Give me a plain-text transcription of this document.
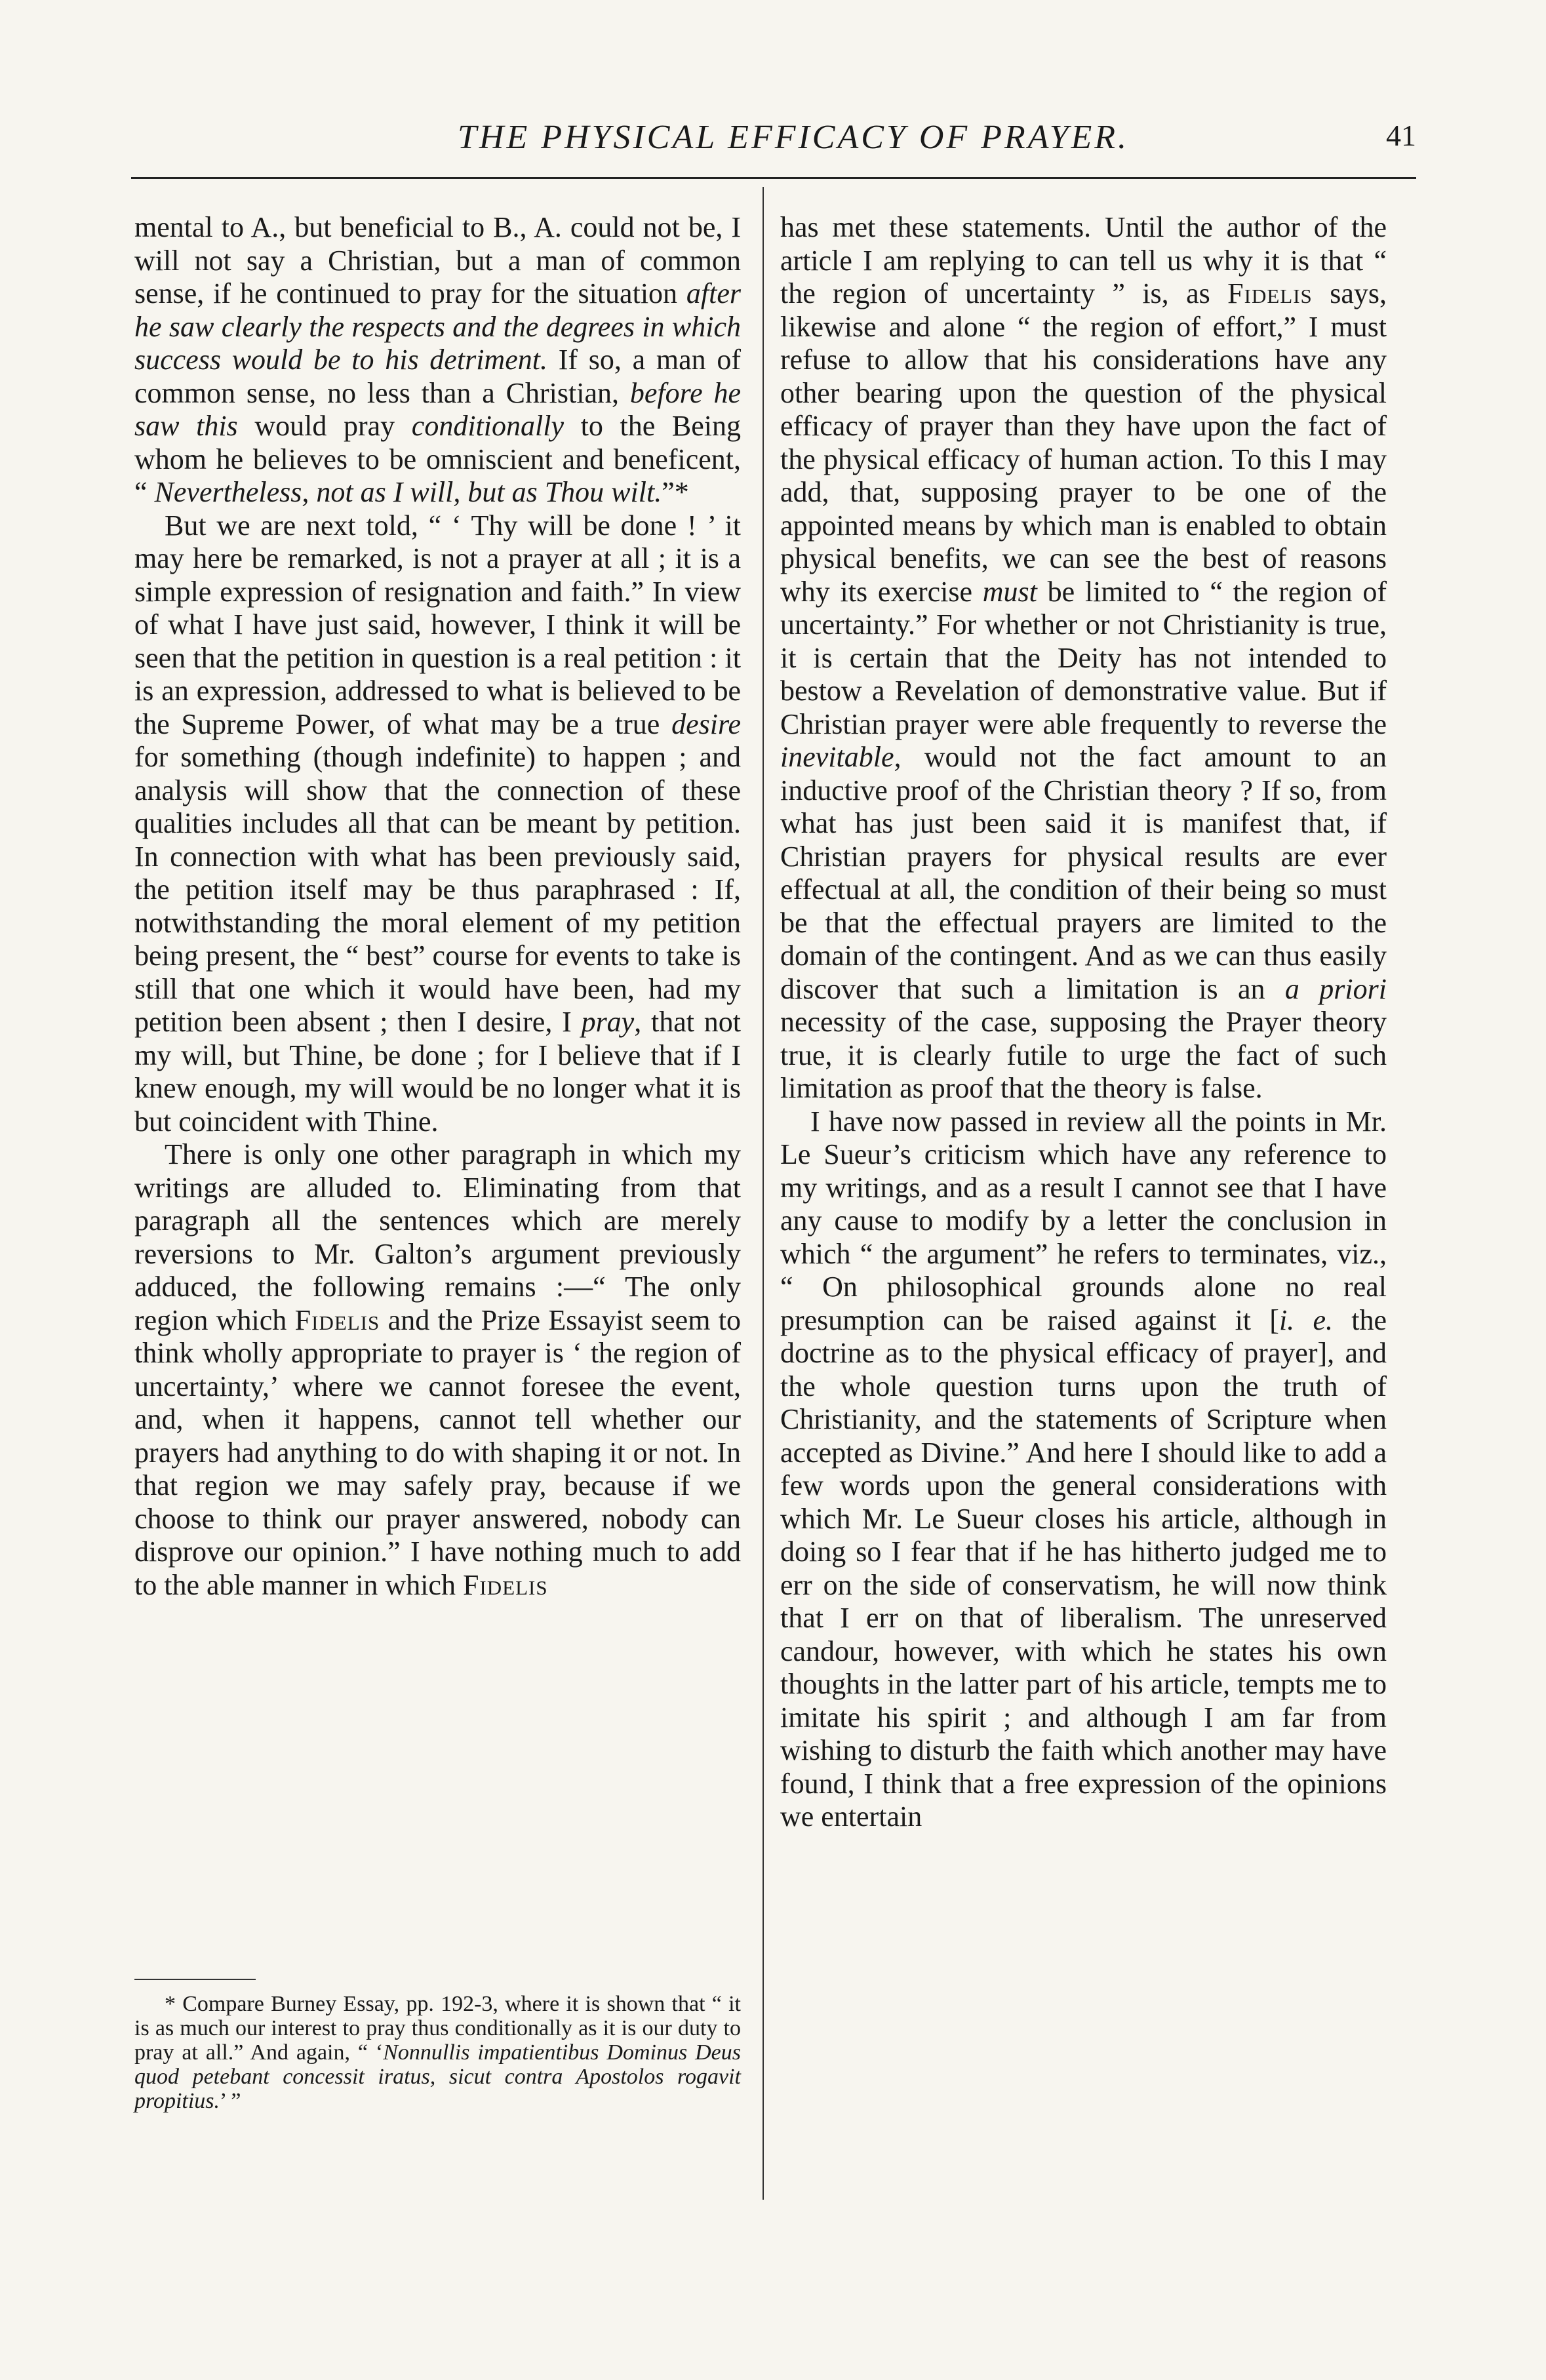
THE PHYSICAL EFFICACY OF PRAYER.	41

mental to A., but beneficial to B., A. could not be, I will not say a Christian, but a man of common sense, if he continued to pray for the situation after he saw clearly the respects and the degrees in which success would be to his detriment. If so, a man of common sense, no less than a Christian, before he saw this would pray conditionally to the Being whom he believes to be omniscient and beneficent, “ Nevertheless, not as I will, but as Thou wilt.”*

But we are next told, “ ‘ Thy will be done ! ’ it may here be remarked, is not a prayer at all ; it is a simple expression of resignation and faith.” In view of what I have just said, however, I think it will be seen that the petition in question is a real petition : it is an expression, addressed to what is believed to be the Supreme Power, of what may be a true desire for something (though indefinite) to happen ; and analysis will show that the connection of these qualities includes all that can be meant by petition. In connection with what has been previously said, the petition itself may be thus paraphrased : If, notwithstanding the moral element of my petition being present, the “ best” course for events to take is still that one which it would have been, had my petition been absent ; then I desire, I pray, that not my will, but Thine, be done ; for I believe that if I knew enough, my will would be no longer what it is but coincident with Thine.

There is only one other paragraph in which my writings are alluded to. Eliminating from that paragraph all the sentences which are merely reversions to Mr. Galton’s argument previously adduced, the following remains :—“ The only region which Fidelis and the Prize Essayist seem to think wholly appropriate to prayer is ‘ the region of uncertainty,’ where we cannot foresee the event, and, when it happens, cannot tell whether our prayers had anything to do with shaping it or not. In that region we may safely pray, because if we choose to think our prayer answered, nobody can disprove our opinion.” I have nothing much to add to the able manner in which Fidelis

* Compare Burney Essay, pp. 192-3, where it is shown that “ it is as much our interest to pray thus conditionally as it is our duty to pray at all.” And again, “ ‘Nonnullis impatientibus Dominus Deus quod petebant concessit iratus, sicut contra Apostolos rogavit propitius.’ ”

has met these statements. Until the author of the article I am replying to can tell us why it is that “ the region of uncertainty ” is, as Fidelis says, likewise and alone “ the region of effort,” I must refuse to allow that his considerations have any other bearing upon the question of the physical efficacy of prayer than they have upon the fact of the physical efficacy of human action. To this I may add, that, supposing prayer to be one of the appointed means by which man is enabled to obtain physical benefits, we can see the best of reasons why its exercise must be limited to “ the region of uncertainty.” For whether or not Christianity is true, it is certain that the Deity has not intended to bestow a Revelation of demonstrative value. But if Christian prayer were able frequently to reverse the inevitable, would not the fact amount to an inductive proof of the Christian theory ? If so, from what has just been said it is manifest that, if Christian prayers for physical results are ever effectual at all, the condition of their being so must be that the effectual prayers are limited to the domain of the contingent. And as we can thus easily discover that such a limitation is an a priori necessity of the case, supposing the Prayer theory true, it is clearly futile to urge the fact of such limitation as proof that the theory is false.

I have now passed in review all the points in Mr. Le Sueur’s criticism which have any reference to my writings, and as a result I cannot see that I have any cause to modify by a letter the conclusion in which “ the argument” he refers to terminates, viz., “ On philosophical grounds alone no real presumption can be raised against it [i. e. the doctrine as to the physical efficacy of prayer], and the whole question turns upon the truth of Christianity, and the statements of Scripture when accepted as Divine.” And here I should like to add a few words upon the general considerations with which Mr. Le Sueur closes his article, although in doing so I fear that if he has hitherto judged me to err on the side of conservatism, he will now think that I err on that of liberalism. The unreserved candour, however, with which he states his own thoughts in the latter part of his article, tempts me to imitate his spirit ; and although I am far from wishing to disturb the faith which another may have found, I think that a free expression of the opinions we entertain
